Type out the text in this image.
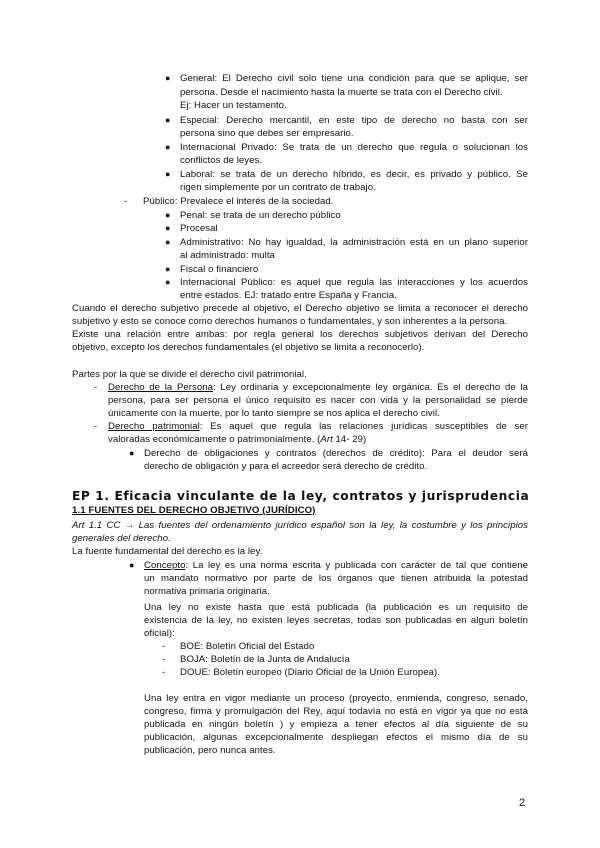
● General: El Derecho civil solo tiene una condición para que se aplique, ser
persona. Desde el nacimiento hasta la muerte se trata con el Derecho civil.
Ej: Hacer un testamento.
● Especial: Derecho mercantil, en este tipo de derecho no basta con ser
persona sino que debes ser empresario.
● Internacional Privado: Se trata de un derecho que regula o solucionan los
conflictos de leyes.
● Laboral: se trata de un derecho híbrido, es decir, es privado y público. Se
rigen simplemente por un contrato de trabajo.
- Público: Prevalece el interés de la sociedad.
● Penal: se trata de un derecho público
● Procesal
● Administrativo: No hay igualdad, la administración está en un plano superior
al administrado: multa
● Fiscal o financiero
● Internacional Público: es aquel que regula las interacciones y los acuerdos
entre estados. EJ: tratado entre España y Francia.
Cuando el derecho subjetivo precede al objetivo, el Derecho objetivo se limita a reconocer el derecho
subjetivo y esto se conoce como derechos humanos o fundamentales, y son inherentes a la persona.
Existe una relación entre ambas: por regla general los derechos subjetivos derivan del Derecho
objetivo, excepto los derechos fundamentales (el objetivo se limita a reconocerlo).
Partes por la que se divide el derecho civil patrimonial.
- Derecho de la Persona: Ley ordinaria y excepcionalmente ley orgánica. Es el derecho de la
persona, para ser persona el único requisito es nacer con vida y la personalidad se pierde
únicamente con la muerte, por lo tanto siempre se nos aplica el derecho civil.
- Derecho patrimonial: Es aquel que regula las relaciones jurídicas susceptibles de ser
valoradas económicamente o patrimonialmente. (Art 14- 29)
● Derecho de obligaciones y contratos (derechos de crédito): Para el deudor será
derecho de obligación y para el acreedor será derecho de crédito.
EP 1. Eficacia vinculante de la ley, contratos y jurisprudencia
1.1 FUENTES DEL DERECHO OBJETIVO (JURÍDICO)
Art 1.1 CC → Las fuentes del ordenamiento jurídico español son la ley, la costumbre y los principios
generales del derecho.
La fuente fundamental del derecho es la ley.
● Concepto: La ley es una norma escrita y publicada con carácter de tal que contiene
un mandato normativo por parte de los órganos que tienen atribuida la potestad
normativa primaria originaria.
Una ley no existe hasta que está publicada (la publicación es un requisito de
existencia de la ley, no existen leyes secretas, todas son publicadas en algun boletín
oficial):
- BOE: Boletín Oficial del Estado
- BOJA: Boletín de la Junta de Andalucía
- DOUE: Boletín europeo (Diario Oficial de la Unión Europea).
Una ley entra en vigor mediante un proceso (proyecto, enmienda, congreso, senado,
congreso, firma y promulgación del Rey, aquí todavía no está en vigor ya que no está
publicada en ningún boletín ) y empieza a tener efectos al día siguiente de su
publicación, algunas excepcionalmente despliegan efectos el mismo día de su
publicación, pero nunca antes.
2
